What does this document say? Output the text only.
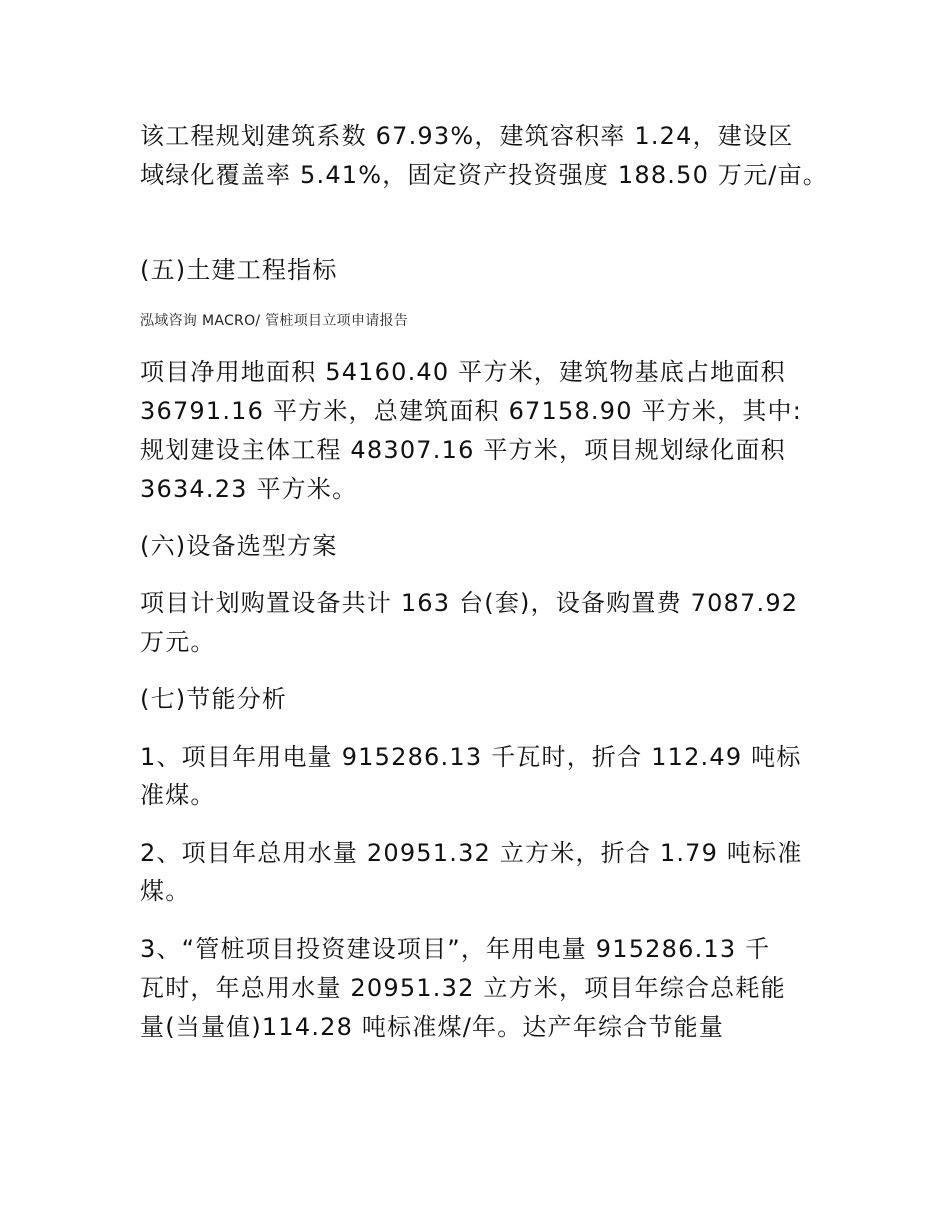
该工程规划建筑系数 67.93%，建筑容积率 1.24，建设区
域绿化覆盖率 5.41%，固定资产投资强度 188.50 万元/亩。
(五)土建工程指标
泓域咨询 MACRO/ 管桩项目立项申请报告
项目净用地面积 54160.40 平方米，建筑物基底占地面积
36791.16 平方米，总建筑面积 67158.90 平方米，其中:
规划建设主体工程 48307.16 平方米，项目规划绿化面积
3634.23 平方米。
(六)设备选型方案
项目计划购置设备共计 163 台(套)，设备购置费 7087.92
万元。
(七)节能分析
1、项目年用电量 915286.13 千瓦时，折合 112.49 吨标
准煤。
2、项目年总用水量 20951.32 立方米，折合 1.79 吨标准
煤。
3、“管桩项目投资建设项目”，年用电量 915286.13 千
瓦时，年总用水量 20951.32 立方米，项目年综合总耗能
量(当量值)114.28 吨标准煤/年。达产年综合节能量
